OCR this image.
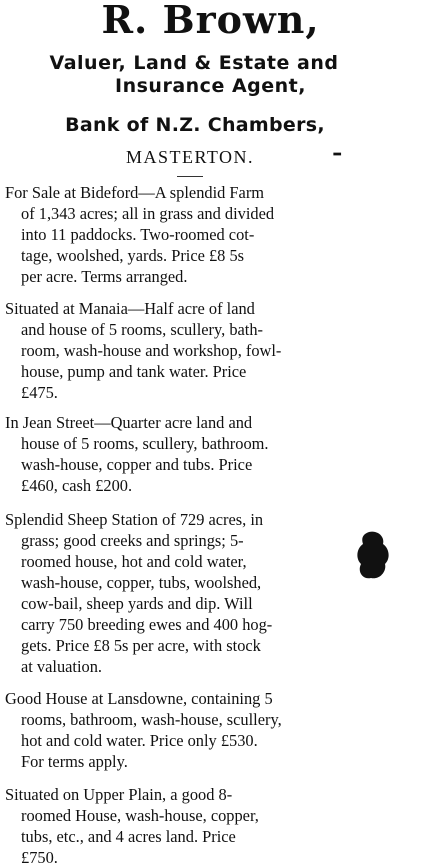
R. Brown,
Valuer, Land & Estate and
Insurance Agent,
Bank of N.Z. Chambers,
MASTERTON.	ـ

For Sale at Bideford—A splendid Farm

of 1,343 acres; all in grass and divided

into 11 paddocks. Two-roomed cot-

tage, woolshed, yards. Price £8 5s

per acre. Terms arranged.

Situated at Manaia—Half acre of land

and house of 5 rooms, scullery, bath-

room, wash-house and workshop, fowl-

house, pump and tank water. Price

£475.

In Jean Street—Quarter acre land and

house of 5 rooms, scullery, bathroom.

wash-house, copper and tubs. Price

£460, cash £200.

Splendid Sheep Station of 729 acres, in

grass; good creeks and springs; 5-

roomed house, hot and cold water,

wash-house, copper, tubs, woolshed,

cow-bail, sheep yards and dip. Will

carry 750 breeding ewes and 400 hog-

gets. Price £8 5s per acre, with stock

at valuation.

Good House at Lansdowne, containing 5

rooms, bathroom, wash-house, scullery,

hot and cold water. Price only £530.

For terms apply.

Situated on Upper Plain, a good 8-

roomed House, wash-house, copper,

tubs, etc., and 4 acres land. Price

£750.
